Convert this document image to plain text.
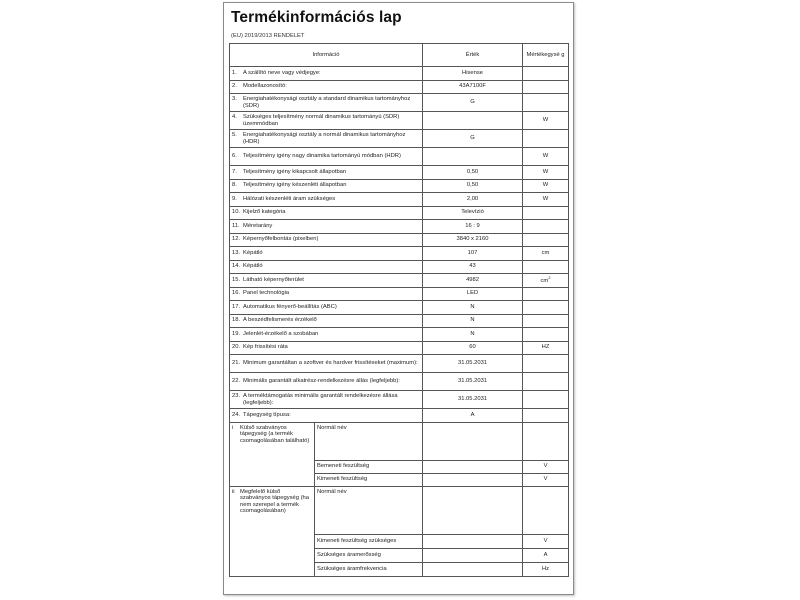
Termékinformációs lap
(EU) 2019/2013 RENDELET
Információ		Érték	Mértékegysé g
1. A szállító neve vagy védjegye:		Hisense	
2. Modellazonosító:		43A7100F	
3. Energiahatékonysági osztály a standard dinamikus tartományhoz (SDR)		G	
4. Szükséges teljesítmény normál dinamikus tartományú (SDR) üzemmódban			W
5. Energiahatékonysági osztály a normál dinamikus tartományhoz (HDR)		G	
6. Teljesítmény igény nagy dinamika tartományú módban (HDR)			W
7. Teljesítmény igény kikapcsolt állapotban		0,50	W
8. Teljesítmény igény készenléti állapotban		0,50	W
9. Hálózati készenléti áram szükséges		2,00	W
10. Kijelző kategória		Televízió	
11. Méretarány		16 : 9	
12. Képernyőfelbontás (pixelben)		3840 x 2160	
13. Képátló		107	cm
14. Képátló		43	
15. Látható képernyőterület		4982	$cm^2$
16. Panel technológia		LED	
17. Automatikus fényerő-beállítás (ABC)		N	
18. A beszédfelismerés érzékelő		N	
19. Jelenlét-érzékelő a szobában		N	
20. Kép frissítési ráta		60	HZ
21. Minimum garantáltan a szoftver és hardver frissítéseket (maximum):		31.05.2031	
22. Minimális garantált alkatrész-rendelkezésre állás (legfeljebb):		31.05.2031	
23. A terméktámogatás minimális garantált rendelkezésre állása (legfeljebb):		31.05.2031	
24. Tápegység típusa:		A	
i Külső szabványos tápegység (a termék csomagolásában található)	Normál név		
	Bemeneti feszültség		V
	Kimeneti feszültség		V
ii Megfelelő külső szabványos tápegység (ha nem szerepel a termék csomagolásában)	Normál név		
	Kimeneti feszültség szükséges		V
	Szükséges áramerősség		A
	Szükséges áramfrekvencia		Hz
